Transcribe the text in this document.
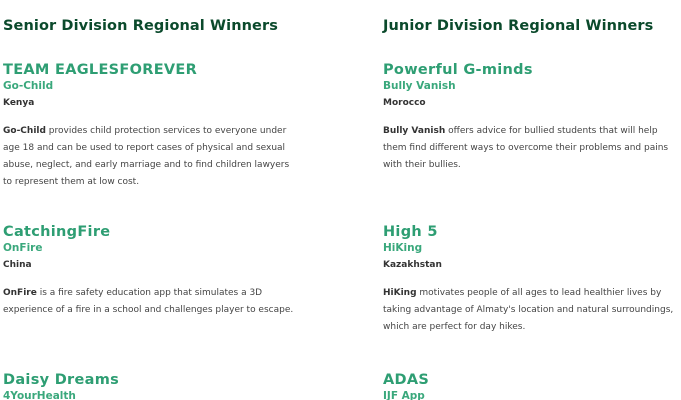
Senior Division Regional Winners
TEAM EAGLESFOREVER
Go-Child
Kenya
Go-Child provides child protection services to everyone under age 18 and can be used to report cases of physical and sexual abuse, neglect, and early marriage and to find children lawyers to represent them at low cost.
CatchingFire
OnFire
China
OnFire is a fire safety education app that simulates a 3D experience of a fire in a school and challenges player to escape.
Daisy Dreams
4YourHealth
Junior Division Regional Winners
Powerful G-minds
Bully Vanish
Morocco
Bully Vanish offers advice for bullied students that will help them find different ways to overcome their problems and pains with their bullies.
High 5
HiKing
Kazakhstan
HiKing motivates people of all ages to lead healthier lives by taking advantage of Almaty's location and natural surroundings, which are perfect for day hikes.
ADAS
IJF App
